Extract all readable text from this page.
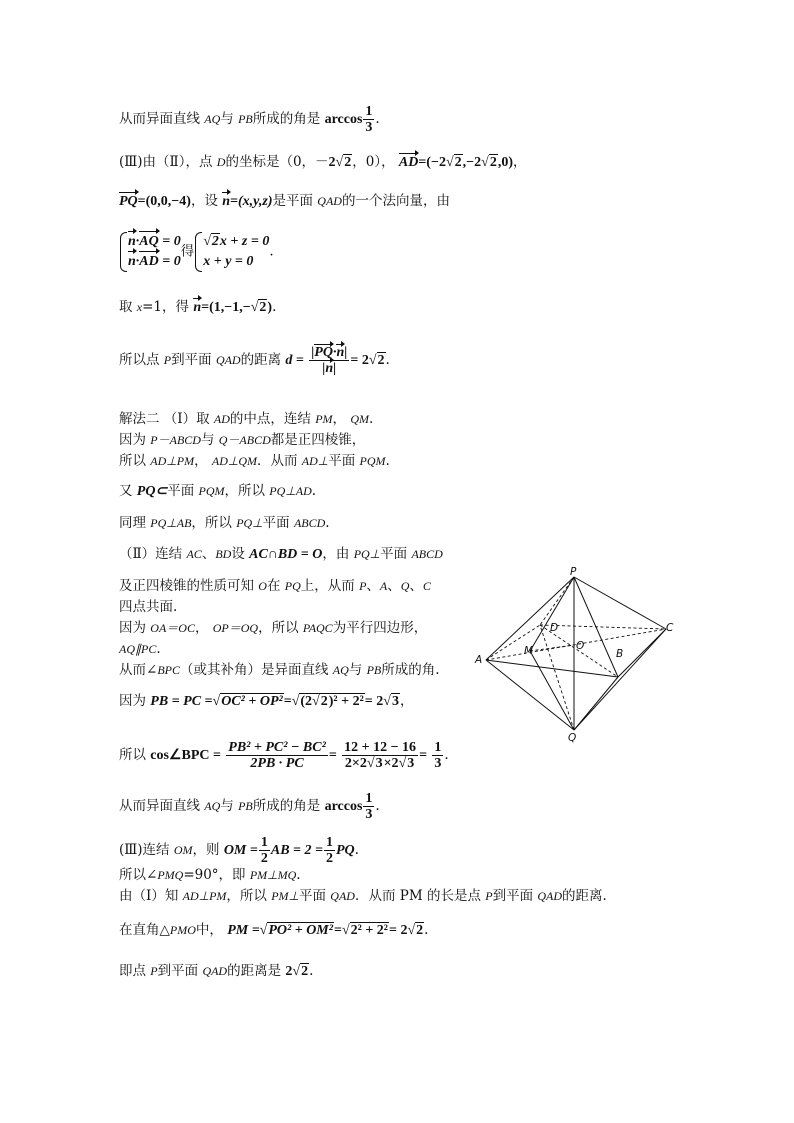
从而异面直线 AQ与 PB所成的角是 $\arccos \frac{1}{3}$ .
(Ⅲ)由（Ⅱ），点 D的坐标是（0，－2√2，0）， AD=(−2√2,−2√2,0)，
PQ=(0,0,−4)，设 n=(x,y,z)是平面 QAD的一个法向量，由
n·AQ = 0
n·AD = 0
得
√2x + z = 0
x + y = 0
.
取 x=1，得 n=(1,−1,−√2).
所以点 P到平面 QAD的距离 $d = \frac{|PQ\cdot n|}{|n|} = 2√2$.
解法二 （Ⅰ）取 AD的中点，连结 PM， QM.
因为 P－ABCD与 Q－ABCD都是正四棱锥，
所以 AD⊥PM， AD⊥QM．从而 AD⊥平面 PQM.
又 PQ⊂平面 PQM，所以 PQ⊥AD.
同理 PQ⊥AB，所以 PQ⊥平面 ABCD.
（Ⅱ）连结 AC、BD设 AC∩BD = O，由 PQ⊥平面 ABCD
及正四棱锥的性质可知 O在 PQ上，从而 P、A、Q、C
四点共面.
因为 OA＝OC， OP＝OQ，所以 PAQC为平行四边形，
AQ∥PC.
从而∠BPC（或其补角）是异面直线 AQ与 PB所成的角.
因为 PB = PC =√OC² + OP²=√(2√2)² + 2²= 2√3，
所以 cos∠BPC = $\frac{\text{PB² + PC² − BC²}}{2PB \cdot PC} = \frac{12 + 12 - 16}{2\times 2√3\times 2√3} = \frac{1}{3}$ .
从而异面直线 AQ与 PB所成的角是 $\arccos \frac{1}{3}$ .
(Ⅲ)连结 OM，则 OM = $\frac{1}{2}$ AB = $2 = \frac{1}{2}$ PQ.
所以∠PMQ=90°，即 PM⊥MQ.
由（Ⅰ）知 AD⊥PM，所以 PM⊥平面 QAD．从而 PM 的长是点 P到平面 QAD的距离.
在直角△PMO中， PM =√PO² + OM²=√2² + 2²= 2√2.
即点 P到平面 QAD的距离是 2√2.
P
Q
A	B
C
D
O
M
